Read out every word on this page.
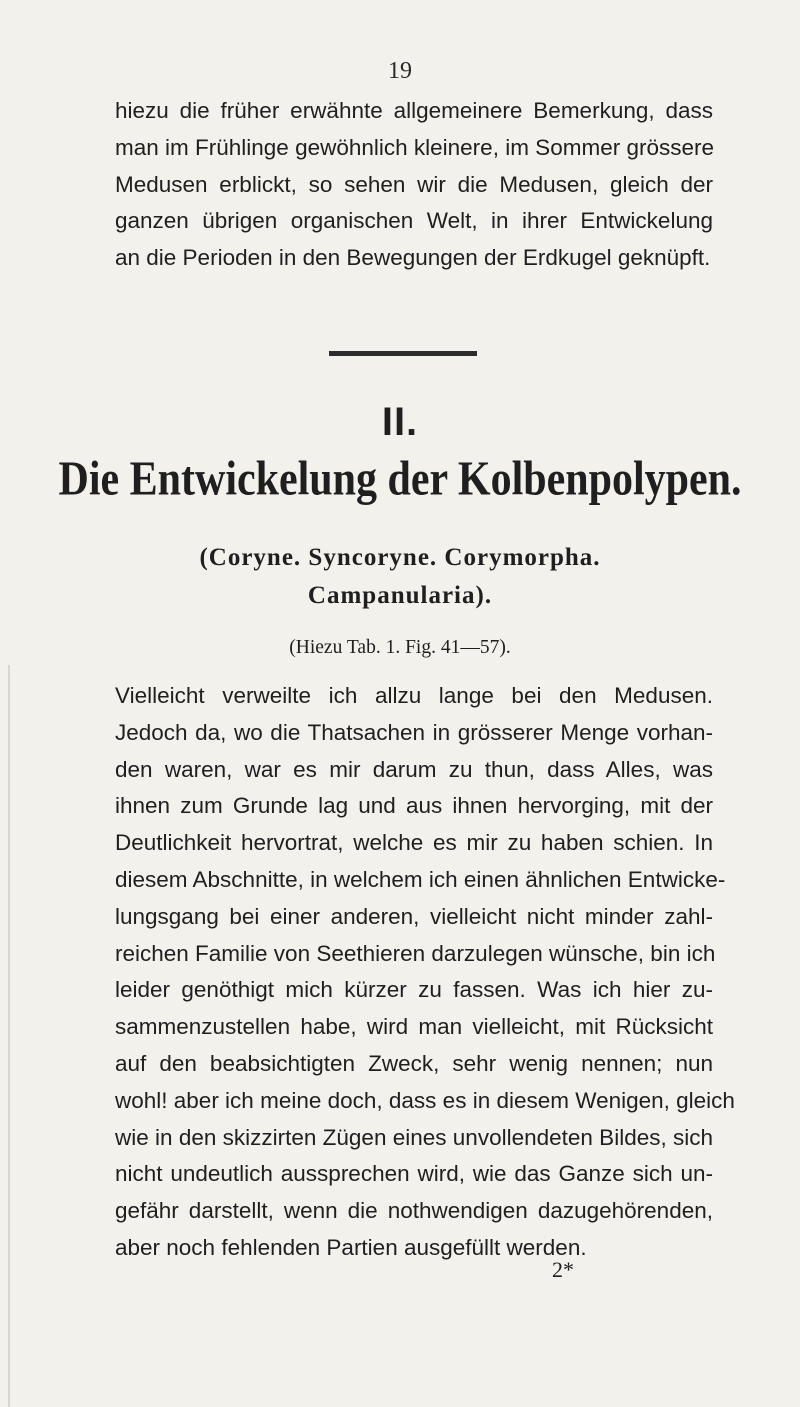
19
hiezu die früher erwähnte allgemeinere Bemerkung, dass
man im Frühlinge gewöhnlich kleinere, im Sommer grössere
Medusen erblickt, so sehen wir die Medusen, gleich der
ganzen übrigen organischen Welt, in ihrer Entwickelung
an die Perioden in den Bewegungen der Erdkugel geknüpft.
II.
Die Entwickelung der Kolbenpolypen.
(Coryne. Syncoryne. Corymorpha.
Campanularia).
(Hiezu Tab. 1. Fig. 41—57).
Vielleicht verweilte ich allzu lange bei den Medusen.
Jedoch da, wo die Thatsachen in grösserer Menge vorhan-
den waren, war es mir darum zu thun, dass Alles, was
ihnen zum Grunde lag und aus ihnen hervorging, mit der
Deutlichkeit hervortrat, welche es mir zu haben schien. In
diesem Abschnitte, in welchem ich einen ähnlichen Entwicke-
lungsgang bei einer anderen, vielleicht nicht minder zahl-
reichen Familie von Seethieren darzulegen wünsche, bin ich
leider genöthigt mich kürzer zu fassen. Was ich hier zu-
sammenzustellen habe, wird man vielleicht, mit Rücksicht
auf den beabsichtigten Zweck, sehr wenig nennen; nun
wohl! aber ich meine doch, dass es in diesem Wenigen, gleich
wie in den skizzirten Zügen eines unvollendeten Bildes, sich
nicht undeutlich aussprechen wird, wie das Ganze sich un-
gefähr darstellt, wenn die nothwendigen dazugehörenden,
aber noch fehlenden Partien ausgefüllt werden.
2*
